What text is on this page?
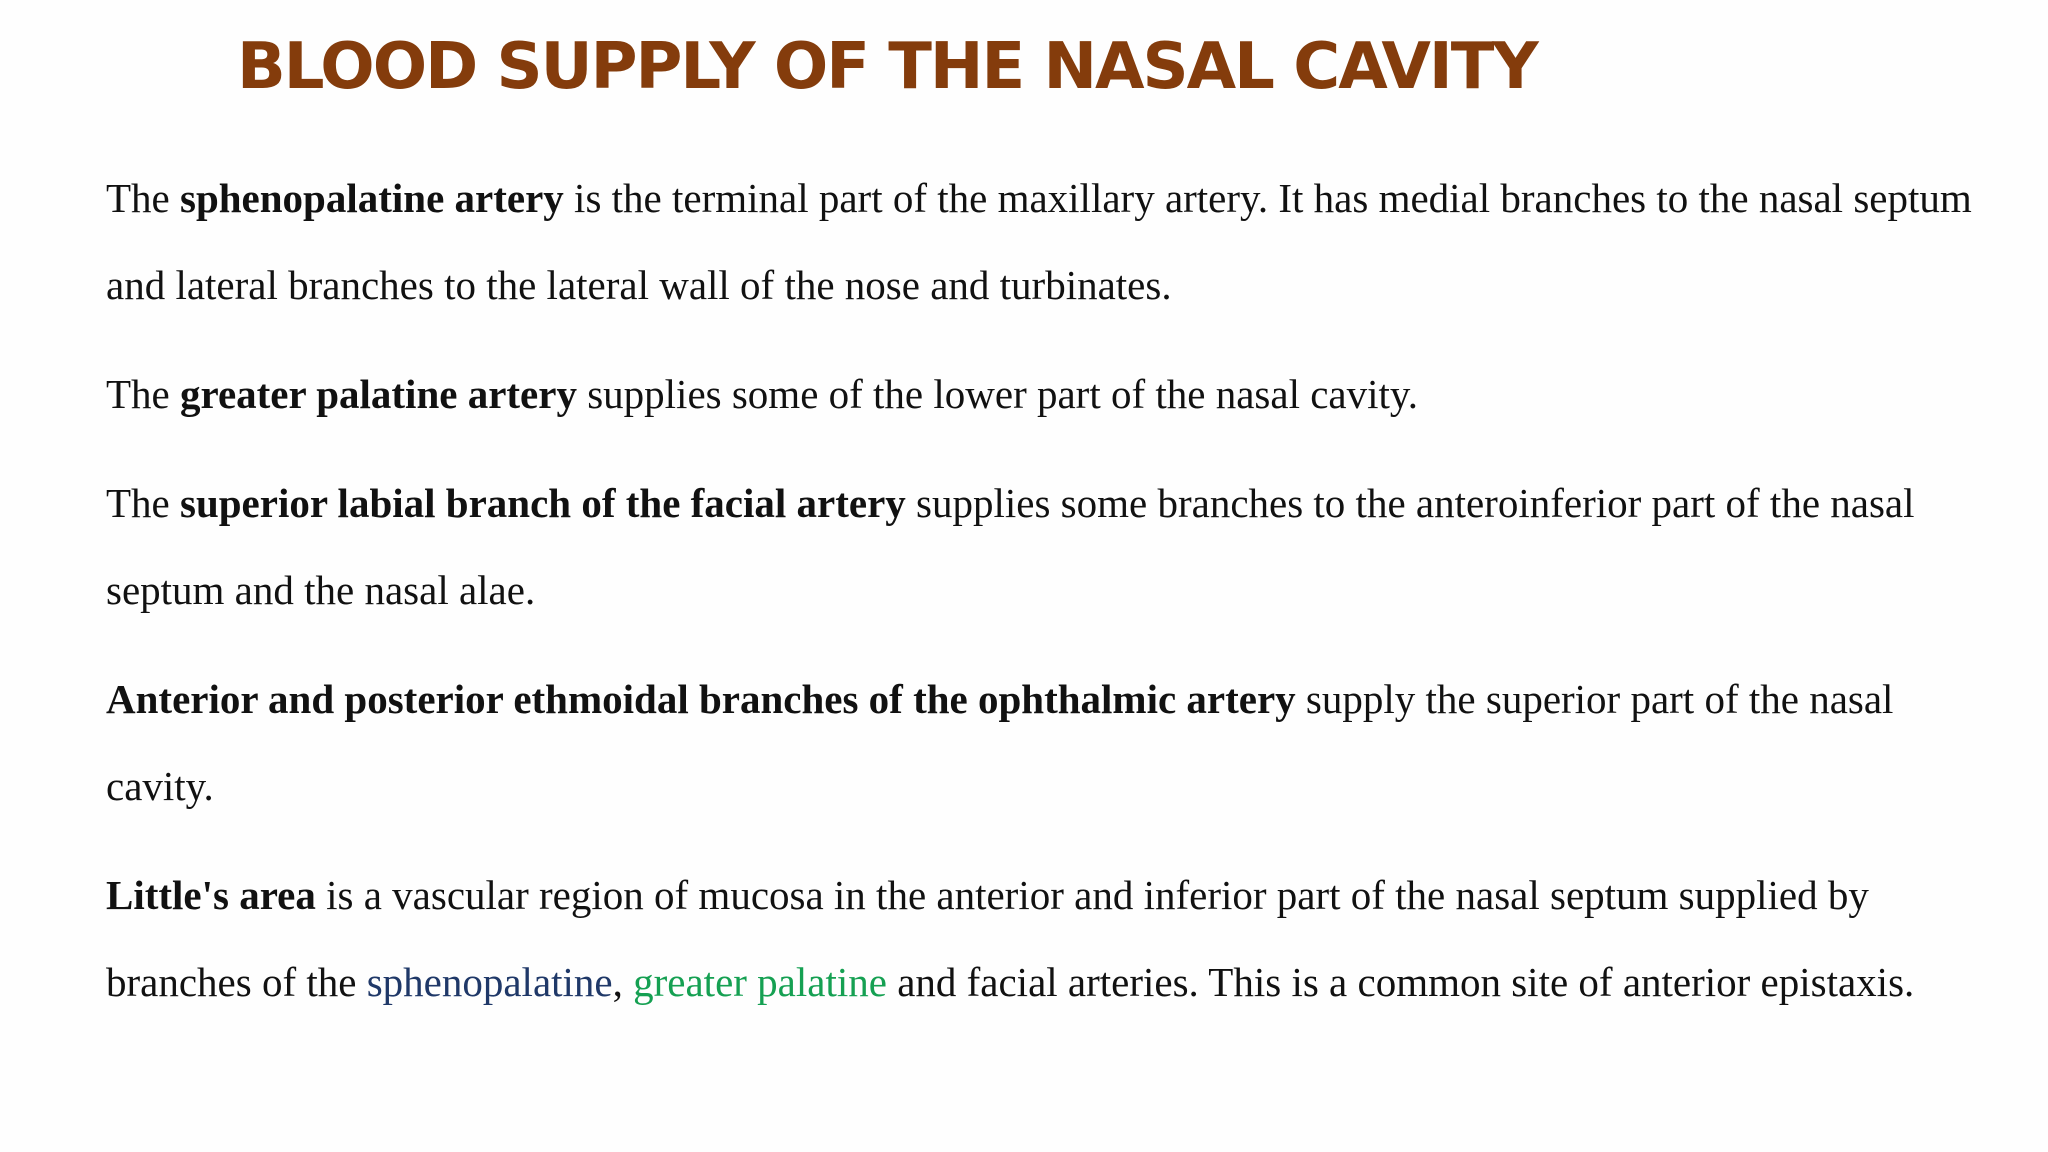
BLOOD SUPPLY OF THE NASAL CAVITY

The sphenopalatine artery is the terminal part of the maxillary artery. It has medial branches to the nasal septum and lateral branches to the lateral wall of the nose and turbinates.

The greater palatine artery supplies some of the lower part of the nasal cavity.

The superior labial branch of the facial artery supplies some branches to the anteroinferior part of the nasal septum and the nasal alae.

Anterior and posterior ethmoidal branches of the ophthalmic artery supply the superior part of the nasal cavity.

Little's area is a vascular region of mucosa in the anterior and inferior part of the nasal septum supplied by branches of the sphenopalatine, greater palatine and facial arteries. This is a common site of anterior epistaxis.
